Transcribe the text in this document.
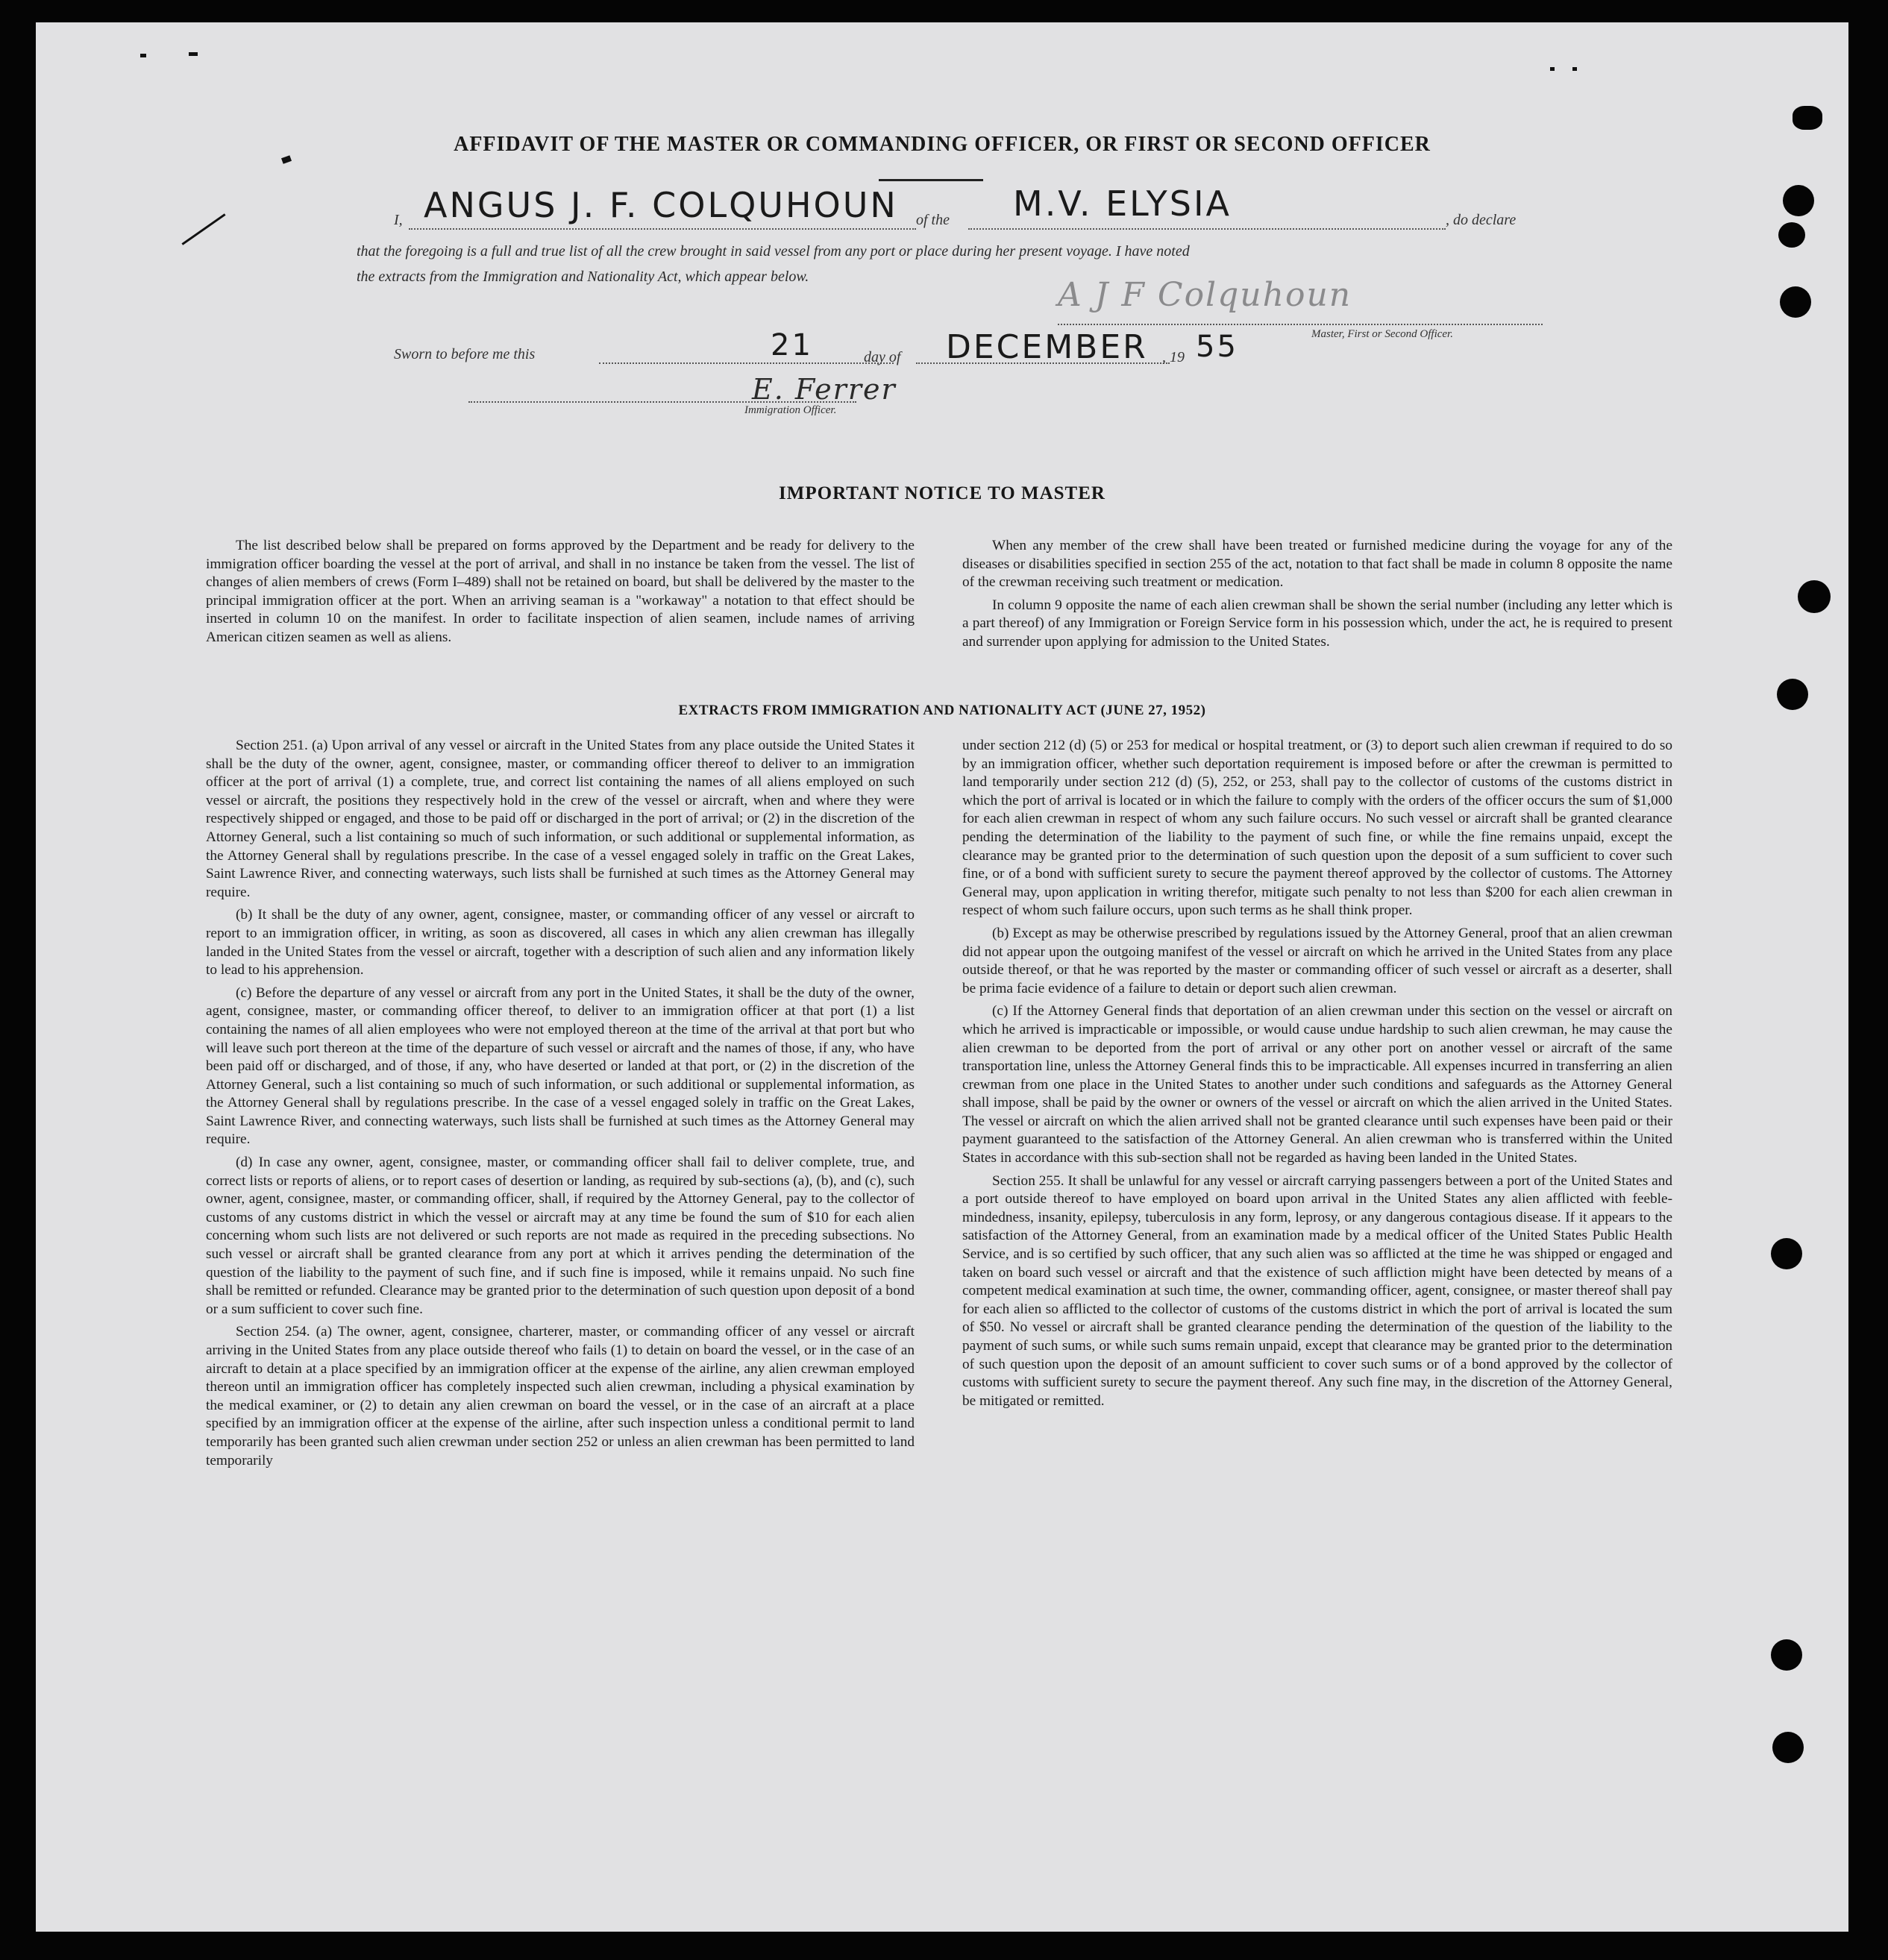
AFFIDAVIT OF THE MASTER OR COMMANDING OFFICER, OR FIRST OR SECOND OFFICER
I, ANGUS J. F. COLQUHOUN of the M.V. ELYSIA	, do declare
that the foregoing is a full and true list of all the crew brought in said vessel from any port or place during her present voyage. I have noted
the extracts from the Immigration and Nationality Act, which appear below.	A J F Colquhoun
Master, First or Second Officer.
Sworn to before me this	21	day of DECEMBER , 19 55
E. Ferrer
Immigration Officer.
IMPORTANT NOTICE TO MASTER

The list described below shall be prepared on forms approved by the Department and be ready for delivery to the immigration officer boarding the vessel at the port of arrival, and shall in no instance be taken from the vessel. The list of changes of alien members of crews (Form I–489) shall not be retained on board, but shall be delivered by the master to the principal immigration officer at the port. When an arriving seaman is a "workaway" a notation to that effect should be inserted in column 10 on the manifest. In order to facilitate inspection of alien seamen, include names of arriving American citizen seamen as well as aliens.

When any member of the crew shall have been treated or furnished medicine during the voyage for any of the diseases or disabilities specified in section 255 of the act, notation to that fact shall be made in column 8 opposite the name of the crewman receiving such treatment or medication.

In column 9 opposite the name of each alien crewman shall be shown the serial number (including any letter which is a part thereof) of any Immigration or Foreign Service form in his possession which, under the act, he is required to present and surrender upon applying for admission to the United States.

EXTRACTS FROM IMMIGRATION AND NATIONALITY ACT (JUNE 27, 1952)

Section 251. (a) Upon arrival of any vessel or aircraft in the United States from any place outside the United States it shall be the duty of the owner, agent, consignee, master, or commanding officer thereof to deliver to an immigration officer at the port of arrival (1) a complete, true, and correct list containing the names of all aliens employed on such vessel or aircraft, the positions they respectively hold in the crew of the vessel or aircraft, when and where they were respectively shipped or engaged, and those to be paid off or discharged in the port of arrival; or (2) in the discretion of the Attorney General, such a list containing so much of such information, or such additional or supplemental information, as the Attorney General shall by regulations prescribe. In the case of a vessel engaged solely in traffic on the Great Lakes, Saint Lawrence River, and connecting waterways, such lists shall be furnished at such times as the Attorney General may require.

(b) It shall be the duty of any owner, agent, consignee, master, or commanding officer of any vessel or aircraft to report to an immigration officer, in writing, as soon as discovered, all cases in which any alien crewman has illegally landed in the United States from the vessel or aircraft, together with a description of such alien and any information likely to lead to his apprehension.

(c) Before the departure of any vessel or aircraft from any port in the United States, it shall be the duty of the owner, agent, consignee, master, or commanding officer thereof, to deliver to an immigration officer at that port (1) a list containing the names of all alien employees who were not employed thereon at the time of the arrival at that port but who will leave such port thereon at the time of the departure of such vessel or aircraft and the names of those, if any, who have been paid off or discharged, and of those, if any, who have deserted or landed at that port, or (2) in the discretion of the Attorney General, such a list containing so much of such information, or such additional or supplemental information, as the Attorney General shall by regulations prescribe. In the case of a vessel engaged solely in traffic on the Great Lakes, Saint Lawrence River, and connecting waterways, such lists shall be furnished at such times as the Attorney General may require.

(d) In case any owner, agent, consignee, master, or commanding officer shall fail to deliver complete, true, and correct lists or reports of aliens, or to report cases of desertion or landing, as required by sub-sections (a), (b), and (c), such owner, agent, consignee, master, or commanding officer, shall, if required by the Attorney General, pay to the collector of customs of any customs district in which the vessel or aircraft may at any time be found the sum of $10 for each alien concerning whom such lists are not delivered or such reports are not made as required in the preceding subsections. No such vessel or aircraft shall be granted clearance from any port at which it arrives pending the determination of the question of the liability to the payment of such fine, and if such fine is imposed, while it remains unpaid. No such fine shall be remitted or refunded. Clearance may be granted prior to the determination of such question upon deposit of a bond or a sum sufficient to cover such fine.

Section 254. (a) The owner, agent, consignee, charterer, master, or commanding officer of any vessel or aircraft arriving in the United States from any place outside thereof who fails (1) to detain on board the vessel, or in the case of an aircraft to detain at a place specified by an immigration officer at the expense of the airline, any alien crewman employed thereon until an immigration officer has completely inspected such alien crewman, including a physical examination by the medical examiner, or (2) to detain any alien crewman on board the vessel, or in the case of an aircraft at a place specified by an immigration officer at the expense of the airline, after such inspection unless a conditional permit to land temporarily has been granted such alien crewman under section 252 or unless an alien crewman has been permitted to land temporarily

under section 212 (d) (5) or 253 for medical or hospital treatment, or (3) to deport such alien crewman if required to do so by an immigration officer, whether such deportation requirement is imposed before or after the crewman is permitted to land temporarily under section 212 (d) (5), 252, or 253, shall pay to the collector of customs of the customs district in which the port of arrival is located or in which the failure to comply with the orders of the officer occurs the sum of $1,000 for each alien crewman in respect of whom any such failure occurs. No such vessel or aircraft shall be granted clearance pending the determination of the liability to the payment of such fine, or while the fine remains unpaid, except the clearance may be granted prior to the determination of such question upon the deposit of a sum sufficient to cover such fine, or of a bond with sufficient surety to secure the payment thereof approved by the collector of customs. The Attorney General may, upon application in writing therefor, mitigate such penalty to not less than $200 for each alien crewman in respect of whom such failure occurs, upon such terms as he shall think proper.

(b) Except as may be otherwise prescribed by regulations issued by the Attorney General, proof that an alien crewman did not appear upon the outgoing manifest of the vessel or aircraft on which he arrived in the United States from any place outside thereof, or that he was reported by the master or commanding officer of such vessel or aircraft as a deserter, shall be prima facie evidence of a failure to detain or deport such alien crewman.

(c) If the Attorney General finds that deportation of an alien crewman under this section on the vessel or aircraft on which he arrived is impracticable or impossible, or would cause undue hardship to such alien crewman, he may cause the alien crewman to be deported from the port of arrival or any other port on another vessel or aircraft of the same transportation line, unless the Attorney General finds this to be impracticable. All expenses incurred in transferring an alien crewman from one place in the United States to another under such conditions and safeguards as the Attorney General shall impose, shall be paid by the owner or owners of the vessel or aircraft on which the alien arrived in the United States. The vessel or aircraft on which the alien arrived shall not be granted clearance until such expenses have been paid or their payment guaranteed to the satisfaction of the Attorney General. An alien crewman who is transferred within the United States in accordance with this sub-section shall not be regarded as having been landed in the United States.

Section 255. It shall be unlawful for any vessel or aircraft carrying passengers between a port of the United States and a port outside thereof to have employed on board upon arrival in the United States any alien afflicted with feeble-mindedness, insanity, epilepsy, tuberculosis in any form, leprosy, or any dangerous contagious disease. If it appears to the satisfaction of the Attorney General, from an examination made by a medical officer of the United States Public Health Service, and is so certified by such officer, that any such alien was so afflicted at the time he was shipped or engaged and taken on board such vessel or aircraft and that the existence of such affliction might have been detected by means of a competent medical examination at such time, the owner, commanding officer, agent, consignee, or master thereof shall pay for each alien so afflicted to the collector of customs of the customs district in which the port of arrival is located the sum of $50. No vessel or aircraft shall be granted clearance pending the determination of the question of the liability to the payment of such sums, or while such sums remain unpaid, except that clearance may be granted prior to the determination of such question upon the deposit of an amount sufficient to cover such sums or of a bond approved by the collector of customs with sufficient surety to secure the payment thereof. Any such fine may, in the discretion of the Attorney General, be mitigated or remitted.
